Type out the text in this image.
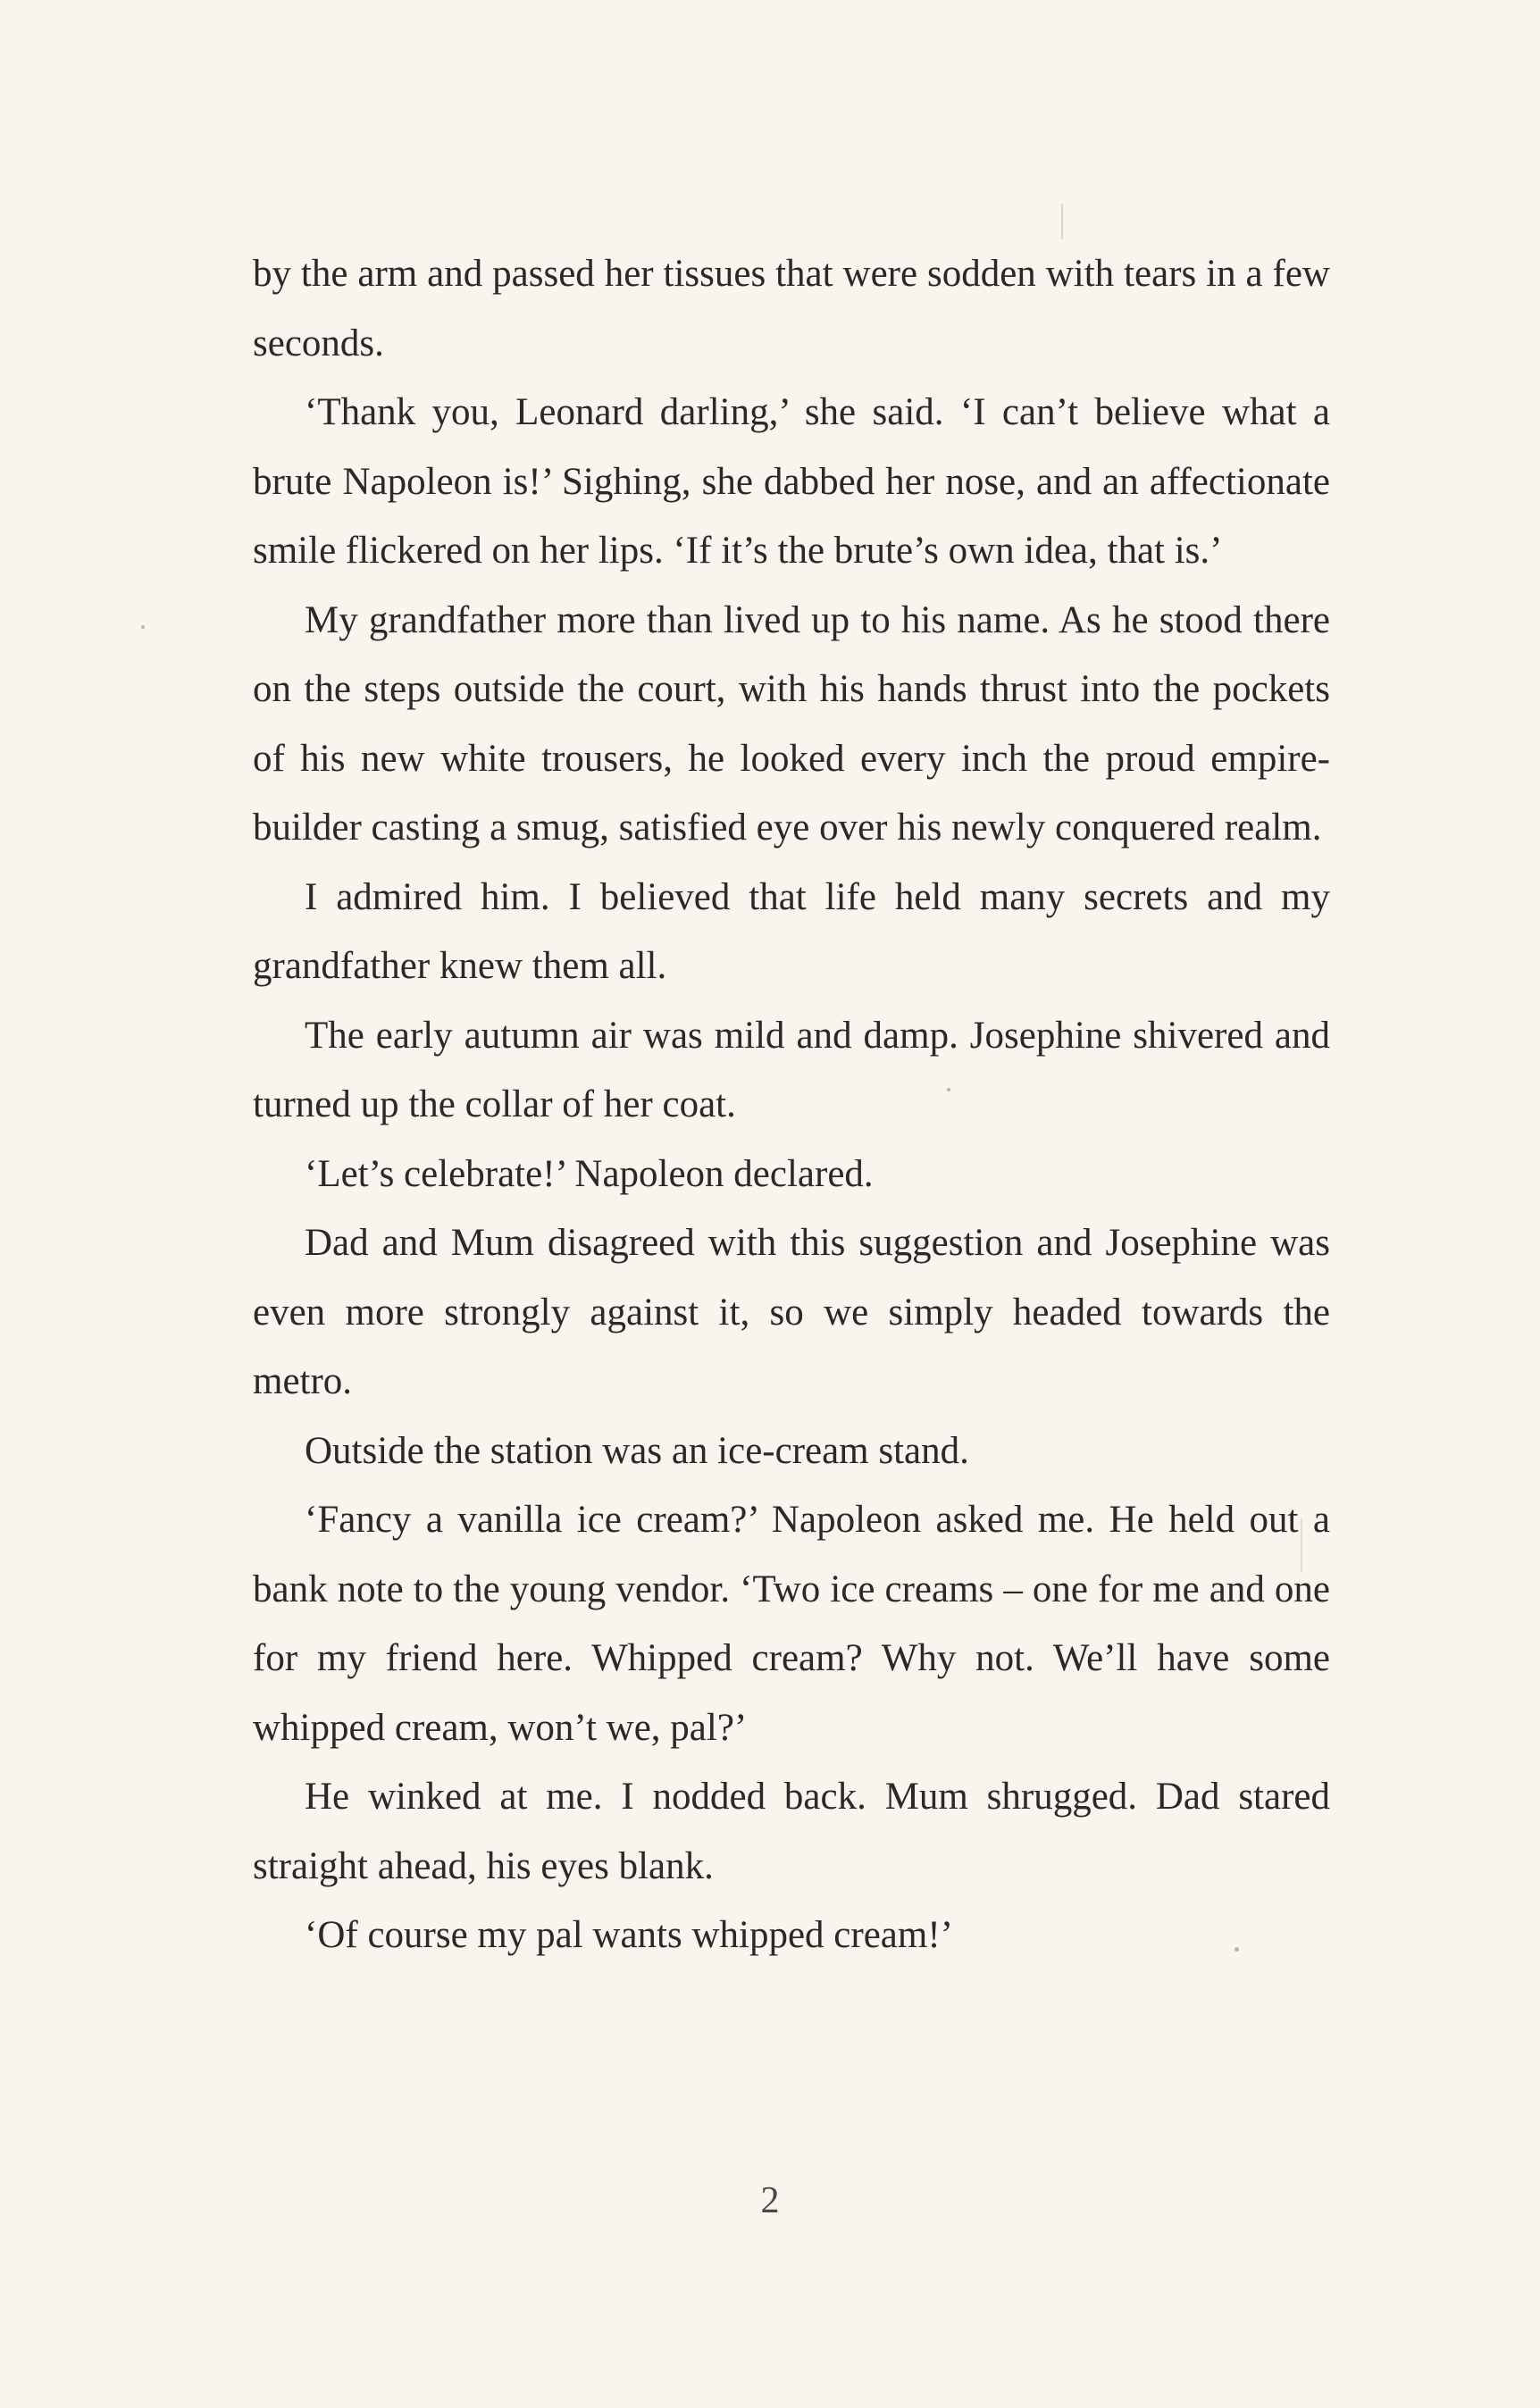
by the arm and passed her tissues that were sodden with tears in a few seconds.

‘Thank you, Leonard darling,’ she said. ‘I can’t believe what a brute Napoleon is!’ Sighing, she dabbed her nose, and an affectionate smile flickered on her lips. ‘If it’s the brute’s own idea, that is.’

My grandfather more than lived up to his name. As he stood there on the steps outside the court, with his hands thrust into the pockets of his new white trousers, he looked every inch the proud empire-builder casting a smug, satisfied eye over his newly conquered realm.

I admired him. I believed that life held many secrets and my grandfather knew them all.

The early autumn air was mild and damp. Josephine shivered and turned up the collar of her coat.

‘Let’s celebrate!’ Napoleon declared.

Dad and Mum disagreed with this suggestion and Josephine was even more strongly against it, so we simply headed towards the metro.

Outside the station was an ice-cream stand.

‘Fancy a vanilla ice cream?’ Napoleon asked me. He held out a bank note to the young vendor. ‘Two ice creams – one for me and one for my friend here. Whipped cream? Why not. We’ll have some whipped cream, won’t we, pal?’

He winked at me. I nodded back. Mum shrugged. Dad stared straight ahead, his eyes blank.

‘Of course my pal wants whipped cream!’

2
